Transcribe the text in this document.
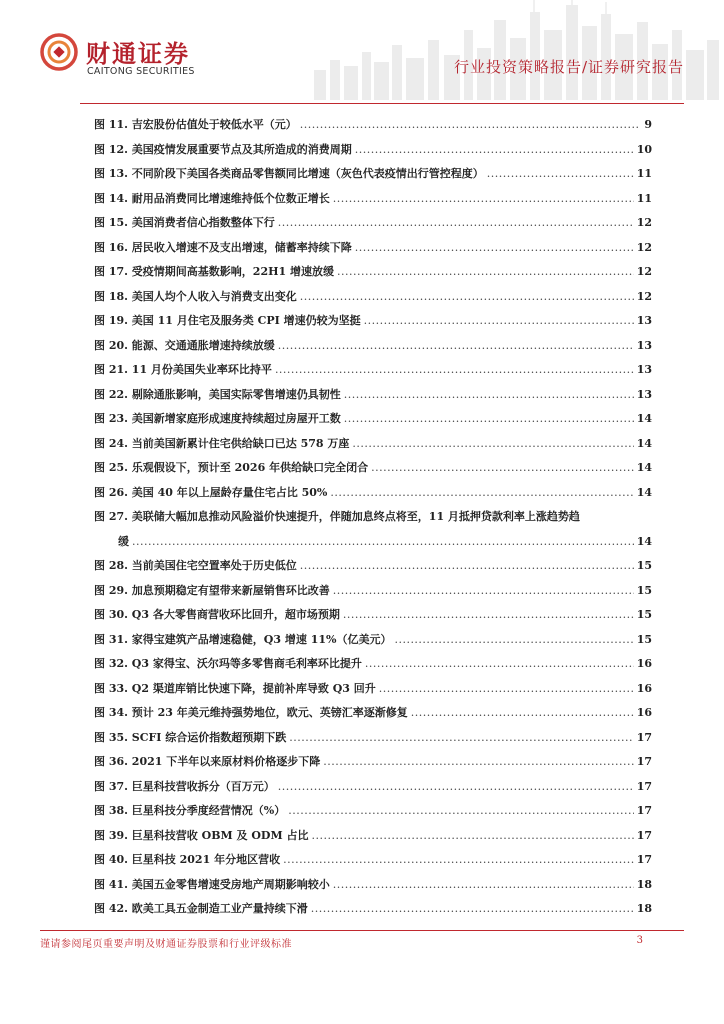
财通证券
CAITONG SECURITIES	行业投资策略报告/证券研究报告
图 11. 吉宏股份估值处于较低水平（元） .....	9
图 12. 美国疫情发展重要节点及其所造成的消费周期 .....	10
图 13. 不同阶段下美国各类商品零售额同比增速（灰色代表疫情出行管控程度） .....	11
图 14. 耐用品消费同比增速维持低个位数正增长 .....	11
图 15. 美国消费者信心指数整体下行 .....	12
图 16. 居民收入增速不及支出增速，储蓄率持续下降 .....	12
图 17. 受疫情期间高基数影响，22H1 增速放缓 .....	12
图 18. 美国人均个人收入与消费支出变化 .....	12
图 19. 美国 11 月住宅及服务类 CPI 增速仍较为坚挺 .....	13
图 20. 能源、交通通胀增速持续放缓 .....	13
图 21. 11 月份美国失业率环比持平 .....	13
图 22. 剔除通胀影响，美国实际零售增速仍具韧性 .....	13
图 23. 美国新增家庭形成速度持续超过房屋开工数 .....	14
图 24. 当前美国新累计住宅供给缺口已达 578 万座 .....	14
图 25. 乐观假设下，预计至 2026 年供给缺口完全闭合 .....	14
图 26. 美国 40 年以上屋龄存量住宅占比 50% .....	14
图 27. 美联储大幅加息推动风险溢价快速提升，伴随加息终点将至，11 月抵押贷款利率上涨趋势趋
缓 .....	14
图 28. 当前美国住宅空置率处于历史低位 .....	15
图 29. 加息预期稳定有望带来新屋销售环比改善 .....	15
图 30. Q3 各大零售商营收环比回升，超市场预期 .....	15
图 31. 家得宝建筑产品增速稳健，Q3 增速 11%（亿美元） .....	15
图 32. Q3 家得宝、沃尔玛等多零售商毛利率环比提升 .....	16
图 33. Q2 渠道库销比快速下降，提前补库导致 Q3 回升 .....	16
图 34. 预计 23 年美元维持强势地位，欧元、英镑汇率逐渐修复 .....	16
图 35. SCFI 综合运价指数超预期下跌 .....	17
图 36. 2021 下半年以来原材料价格逐步下降 .....	17
图 37. 巨星科技营收拆分（百万元） .....	17
图 38. 巨星科技分季度经营情况（%） .....	17
图 39. 巨星科技营收 OBM 及 ODM 占比 .....	17
图 40. 巨星科技 2021 年分地区营收 .....	17
图 41. 美国五金零售增速受房地产周期影响较小 .....	18
图 42. 欧美工具五金制造工业产量持续下滑 .....	18
谨请参阅尾页重要声明及财通证券股票和行业评级标准	3
